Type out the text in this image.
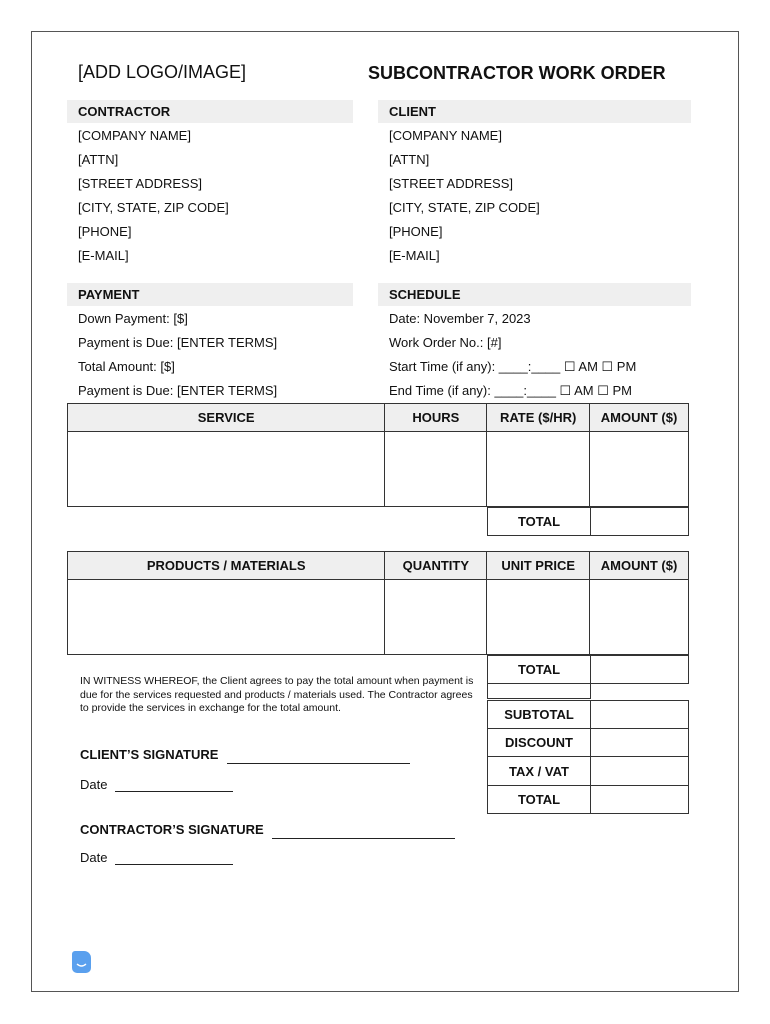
[ADD LOGO/IMAGE]	SUBCONTRACTOR WORK ORDER
CONTRACTOR	CLIENT
[COMPANY NAME]
[ATTN]
[STREET ADDRESS]
[CITY, STATE, ZIP CODE]
[PHONE]
[E-MAIL]
[COMPANY NAME]
[ATTN]
[STREET ADDRESS]
[CITY, STATE, ZIP CODE]
[PHONE]
[E-MAIL]
PAYMENT	SCHEDULE
Down Payment: [$]
Payment is Due: [ENTER TERMS]
Total Amount: [$]
Payment is Due: [ENTER TERMS]
Date: November 7, 2023
Work Order No.: [#]
Start Time (if any): ____:____ ☐ AM ☐ PM
End Time (if any): ____:____ ☐ AM ☐ PM
SERVICE	HOURS	RATE ($/HR)	AMOUNT ($)

TOTAL
PRODUCTS / MATERIALS	QUANTITY	UNIT PRICE	AMOUNT ($)

TOTAL
SUBTOTAL
DISCOUNT
TAX / VAT
TOTAL
IN WITNESS WHEREOF, the Client agrees to pay the total amount when payment is due for the services requested and products / materials used. The Contractor agrees to provide the services in exchange for the total amount.
CLIENT’S SIGNATURE
Date
CONTRACTOR’S SIGNATURE
Date
